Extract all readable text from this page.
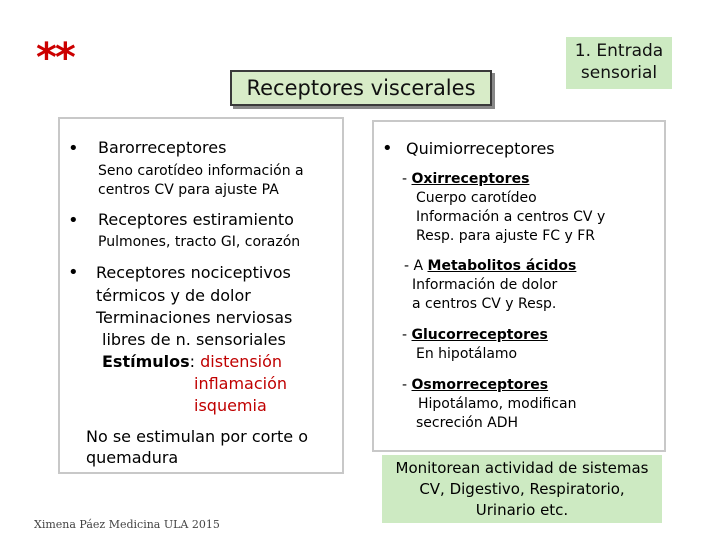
**
Receptores viscerales
1. Entrada
sensorial
• Barorreceptores
Seno carotídeo información a
centros CV para ajuste PA
• Receptores estiramiento
Pulmones, tracto GI, corazón
• Receptores nociceptivos
térmicos y de dolor
Terminaciones nerviosas
libres de n. sensoriales
Estímulos: distensión
inflamación
isquemia
No se estimulan por corte o
quemadura
• Quimiorreceptores
- Oxirreceptores
Cuerpo carotídeo
Información a centros CV y
Resp. para ajuste FC y FR
- A Metabolitos ácidos
Información de dolor
a centros CV y Resp.
- Glucorreceptores
En hipotálamo
- Osmorreceptores
Hipotálamo, modifican
secreción ADH
Monitorean actividad de sistemas
CV, Digestivo, Respiratorio,
Urinario etc.
Ximena Páez Medicina ULA 2015
